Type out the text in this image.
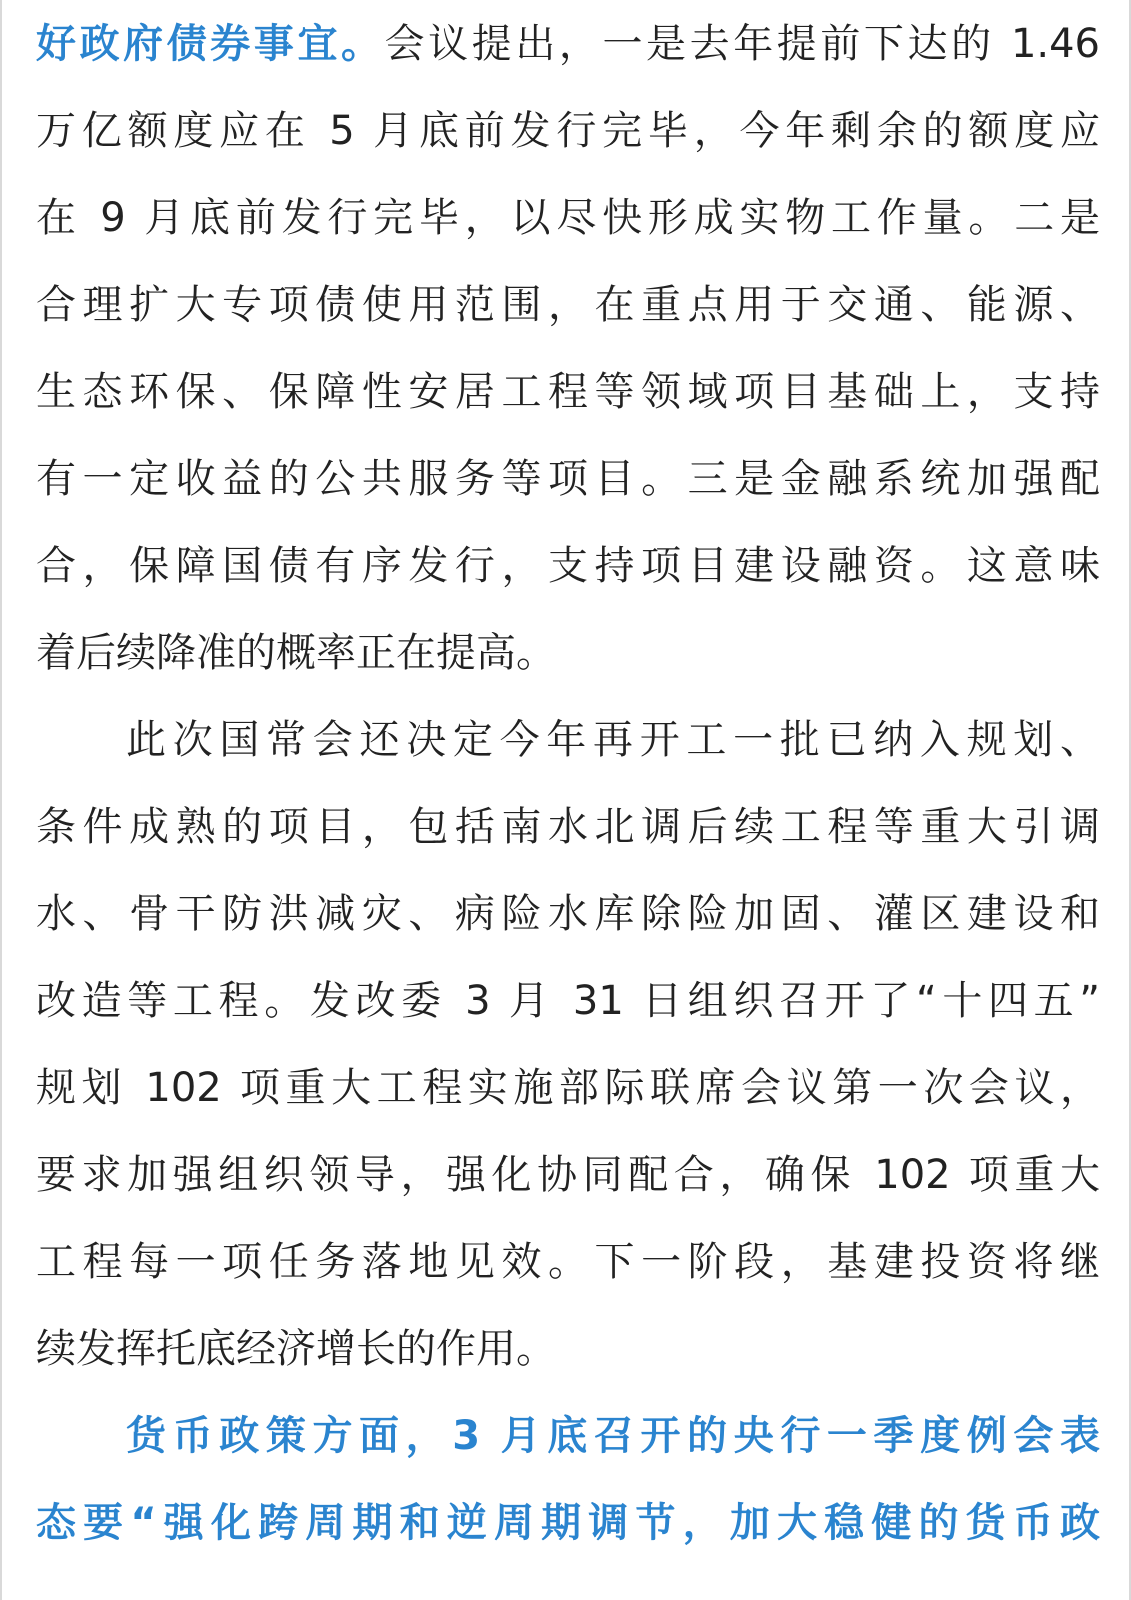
好政府债券事宜。会议提出，一是去年提前下达的 1.46
万亿额度应在 5 月底前发行完毕，今年剩余的额度应
在 9 月底前发行完毕，以尽快形成实物工作量。二是
合理扩大专项债使用范围，在重点用于交通、能源、
生态环保、保障性安居工程等领域项目基础上，支持
有一定收益的公共服务等项目。三是金融系统加强配
合，保障国债有序发行，支持项目建设融资。这意味
着后续降准的概率正在提高。
此次国常会还决定今年再开工一批已纳入规划、
条件成熟的项目，包括南水北调后续工程等重大引调
水、骨干防洪减灾、病险水库除险加固、灌区建设和
改造等工程。发改委 3 月 31 日组织召开了“十四五”
规划 102 项重大工程实施部际联席会议第一次会议，
要求加强组织领导，强化协同配合，确保 102 项重大
工程每一项任务落地见效。下一阶段，基建投资将继
续发挥托底经济增长的作用。
货币政策方面，3 月底召开的央行一季度例会表
态要“强化跨周期和逆周期调节，加大稳健的货币政
